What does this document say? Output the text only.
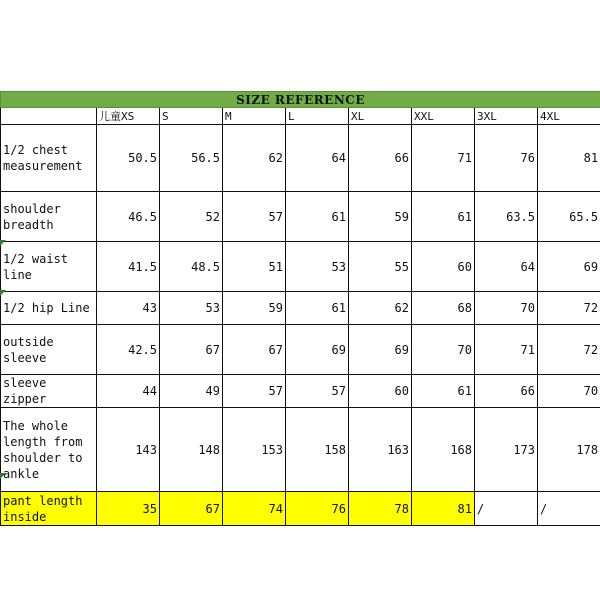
SIZE REFERENCE								
	儿童XS	S	M	L	XL	XXL	3XL	4XL
1/2 chest measurement	50.5	56.5	62	64	66	71	76	81
shoulder breadth	46.5	52	57	61	59	61	63.5	65.5
1/2 waist line	41.5	48.5	51	53	55	60	64	69
1/2 hip Line	43	53	59	61	62	68	70	72
outside sleeve	42.5	67	67	69	69	70	71	72
sleeve zipper	44	49	57	57	60	61	66	70
The whole length from shoulder to ankle	143	148	153	158	163	168	173	178
pant length inside	35	67	74	76	78	81	/	/
